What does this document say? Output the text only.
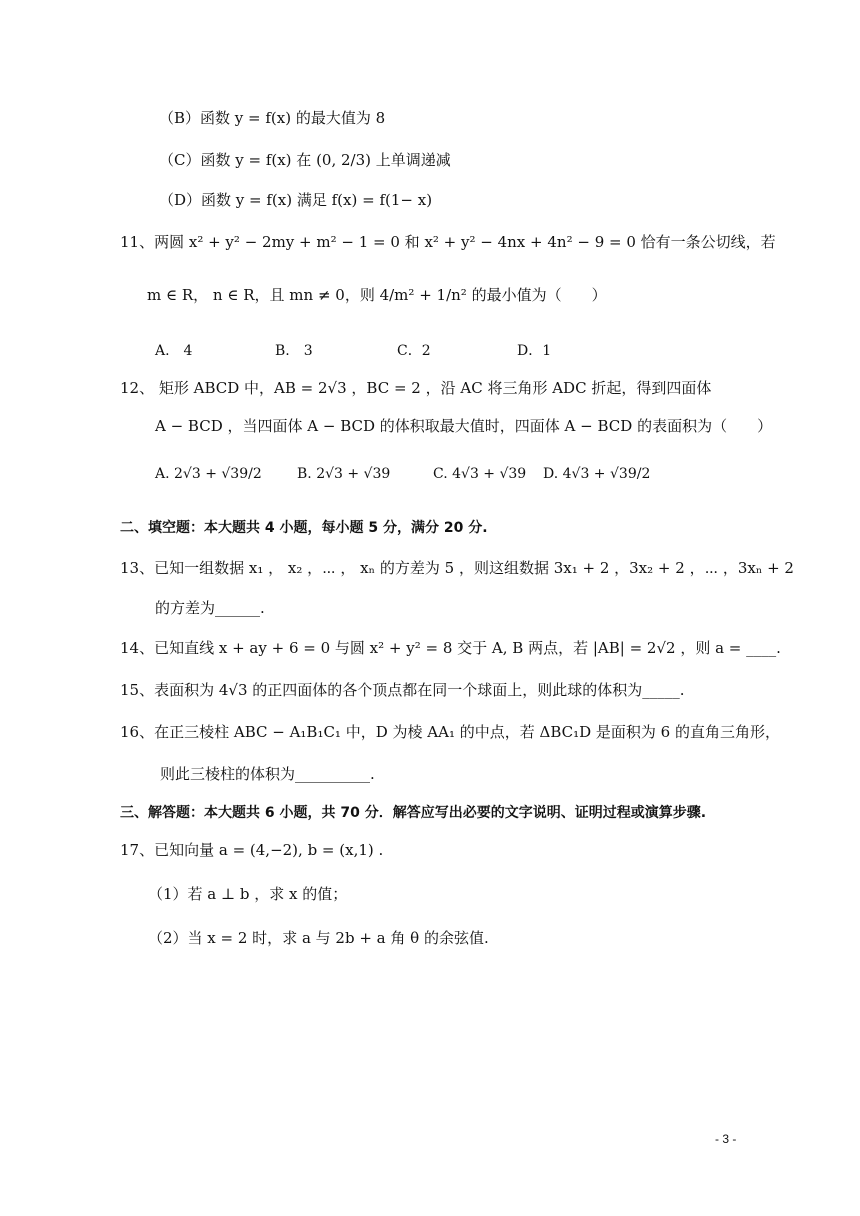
（B）函数 y = f(x) 的最大值为 8
（C）函数 y = f(x) 在 (0, 2/3) 上单调递减
（D）函数 y = f(x) 满足 f(x) = f(1− x)
11、两圆 x² + y² − 2my + m² − 1 = 0 和 x² + y² − 4nx + 4n² − 9 = 0 恰有一条公切线，若
m ∈ R， n ∈ R，且 mn ≠ 0，则 4/m² + 1/n² 的最小值为（　　）
A.　4	B.　3	C．2	D．1
12、 矩形 ABCD 中，AB = 2√3 ，BC = 2 ，沿 AC 将三角形 ADC 折起，得到四面体
A − BCD ，当四面体 A − BCD 的体积取最大值时，四面体 A − BCD 的表面积为（　　）
A. 2√3 + √39/2	B. 2√3 + √39	C. 4√3 + √39 D. 4√3 + √39/2
二、填空题：本大题共 4 小题，每小题 5 分，满分 20 分.
13、已知一组数据 x₁ ， x₂ ，⋯ ， xₙ 的方差为 5 ，则这组数据 3x₁ + 2 ，3x₂ + 2 ，⋯ ，3xₙ + 2
的方差为______.
14、已知直线 x + ay + 6 = 0 与圆 x² + y² = 8 交于 A, B 两点，若 |AB| = 2√2 ，则 a = ____.
15、表面积为 4√3 的正四面体的各个顶点都在同一个球面上，则此球的体积为_____.
16、在正三棱柱 ABC − A₁B₁C₁ 中，D 为棱 AA₁ 的中点，若 ΔBC₁D 是面积为 6 的直角三角形，
则此三棱柱的体积为__________.
三、解答题：本大题共 6 小题，共 70 分．解答应写出必要的文字说明、证明过程或演算步骤.
17、已知向量 a = (4,−2), b = (x,1) .
（1）若 a ⊥ b ，求 x 的值；
（2）当 x = 2 时，求 a 与 2b + a 角 θ 的余弦值.
- 3 -
